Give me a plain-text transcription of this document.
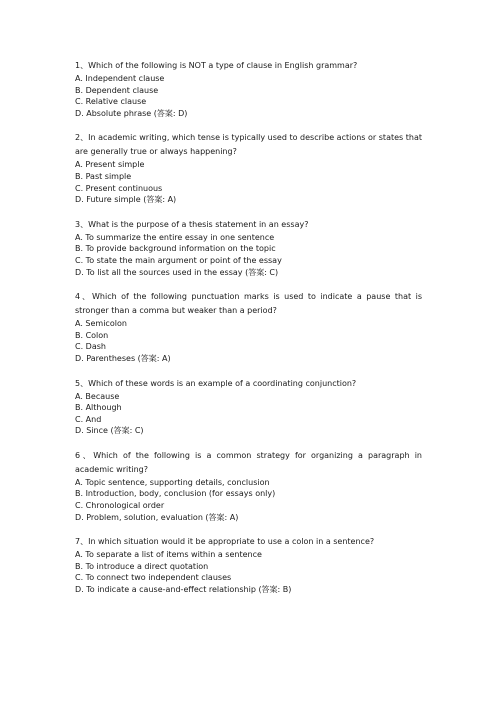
1、Which of the following is NOT a type of clause in English grammar?

A. Independent clause

B. Dependent clause

C. Relative clause

D. Absolute phrase (答案: D)

2、In academic writing, which tense is typically used to describe actions or states that are generally true or always happening?

A. Present simple

B. Past simple

C. Present continuous

D. Future simple (答案: A)

3、What is the purpose of a thesis statement in an essay?

A. To summarize the entire essay in one sentence

B. To provide background information on the topic

C. To state the main argument or point of the essay

D. To list all the sources used in the essay (答案: C)

4、Which of the following punctuation marks is used to indicate a pause that is stronger than a comma but weaker than a period?

A. Semicolon

B. Colon

C. Dash

D. Parentheses (答案: A)

5、Which of these words is an example of a coordinating conjunction?

A. Because

B. Although

C. And

D. Since (答案: C)

6、Which of the following is a common strategy for organizing a paragraph in academic writing?

A. Topic sentence, supporting details, conclusion

B. Introduction, body, conclusion (for essays only)

C. Chronological order

D. Problem, solution, evaluation (答案: A)

7、In which situation would it be appropriate to use a colon in a sentence?

A. To separate a list of items within a sentence

B. To introduce a direct quotation

C. To connect two independent clauses

D. To indicate a cause-and-effect relationship (答案: B)
